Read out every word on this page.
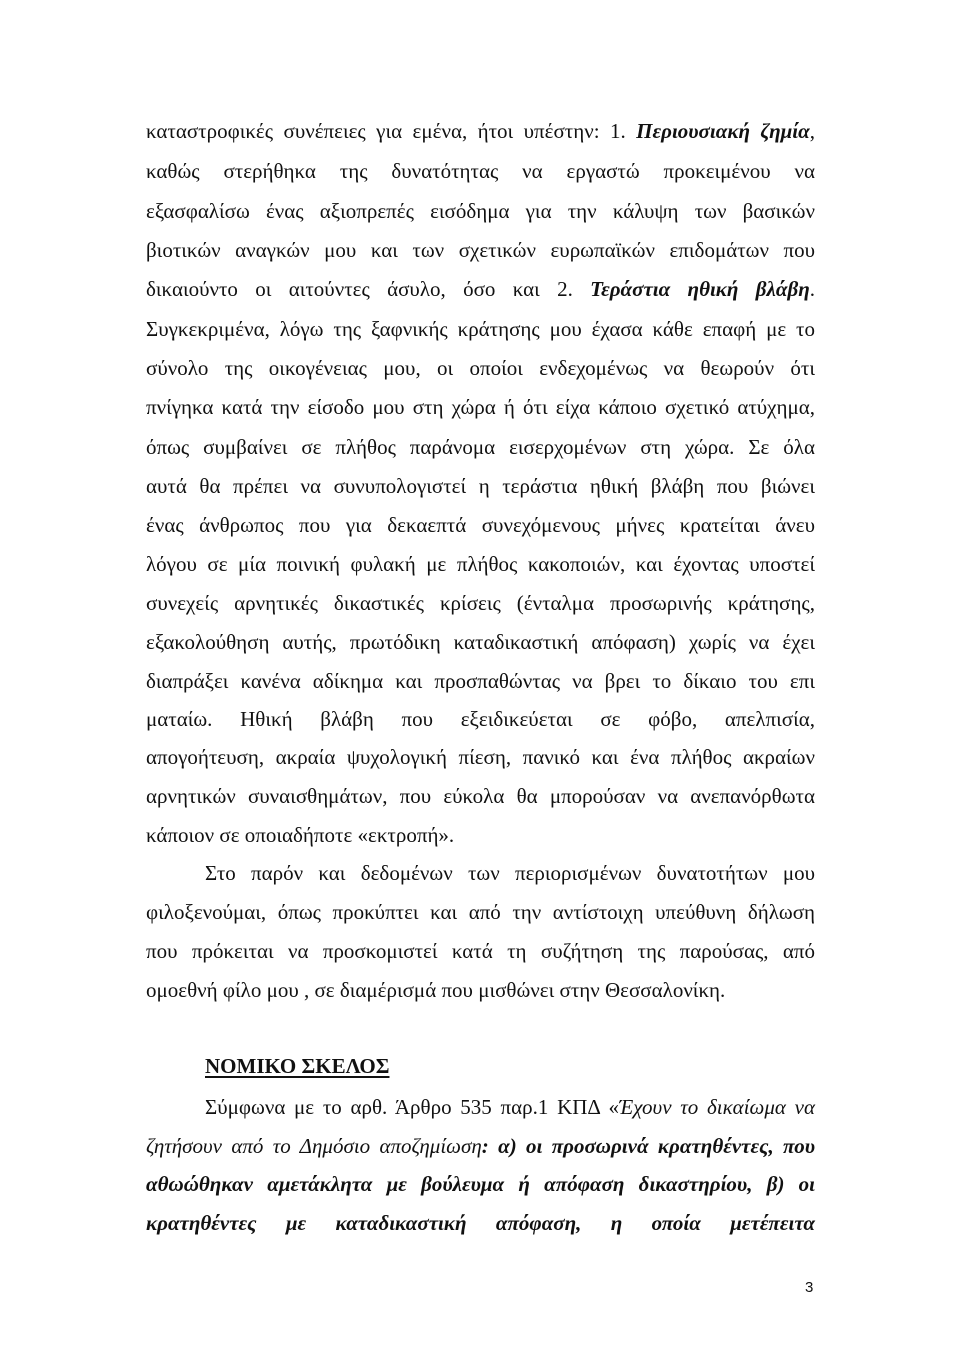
καταστροφικές συνέπειες για εμένα, ήτοι υπέστην: 1. Περιουσιακή ζημία,
καθώς στερήθηκα της δυνατότητας να εργαστώ προκειμένου να
εξασφαλίσω ένας αξιοπρεπές εισόδημα για την κάλυψη των βασικών
βιοτικών αναγκών μου και των σχετικών ευρωπαϊκών επιδομάτων που
δικαιούντο οι αιτούντες άσυλο, όσο και 2. Τεράστια ηθική βλάβη.
Συγκεκριμένα, λόγω της ξαφνικής κράτησης μου έχασα κάθε επαφή με το
σύνολο της οικογένειας μου, οι οποίοι ενδεχομένως να θεωρούν ότι
πνίγηκα κατά την είσοδο μου στη χώρα ή ότι είχα κάποιο σχετικό ατύχημα,
όπως συμβαίνει σε πλήθος παράνομα εισερχομένων στη χώρα. Σε όλα
αυτά θα πρέπει να συνυπολογιστεί η τεράστια ηθική βλάβη που βιώνει
ένας άνθρωπος που για δεκαεπτά συνεχόμενους μήνες κρατείται άνευ
λόγου σε μία ποινική φυλακή με πλήθος κακοποιών, και έχοντας υποστεί
συνεχείς αρνητικές δικαστικές κρίσεις (ένταλμα προσωρινής κράτησης,
εξακολούθηση αυτής, πρωτόδικη καταδικαστική απόφαση) χωρίς να έχει
διαπράξει κανένα αδίκημα και προσπαθώντας να βρει το δίκαιο του επι
ματαίω. Ηθική βλάβη που εξειδικεύεται σε φόβο, απελπισία,
απογοήτευση, ακραία ψυχολογική πίεση, πανικό και ένα πλήθος ακραίων
αρνητικών συναισθημάτων, που εύκολα θα μπορούσαν να ανεπανόρθωτα
κάποιον σε οποιαδήποτε «εκτροπή».
Στο παρόν και δεδομένων των περιορισμένων δυνατοτήτων μου
φιλοξενούμαι, όπως προκύπτει και από την αντίστοιχη υπεύθυνη δήλωση
που πρόκειται να προσκομιστεί κατά τη συζήτηση της παρούσας, από
ομοεθνή φίλο μου , σε διαμέρισμά που μισθώνει στην Θεσσαλονίκη.
ΝΟΜΙΚΟ ΣΚΕΛΟΣ
Σύμφωνα με το αρθ. Άρθρο 535 παρ.1 ΚΠΔ «Έχουν το δικαίωμα να
ζητήσουν από το Δημόσιο αποζημίωση: α) οι προσωρινά κρατηθέντες, που
αθωώθηκαν αμετάκλητα με βούλευμα ή απόφαση δικαστηρίου, β) οι
κρατηθέντες με καταδικαστική απόφαση, η οποία μετέπειτα
3
